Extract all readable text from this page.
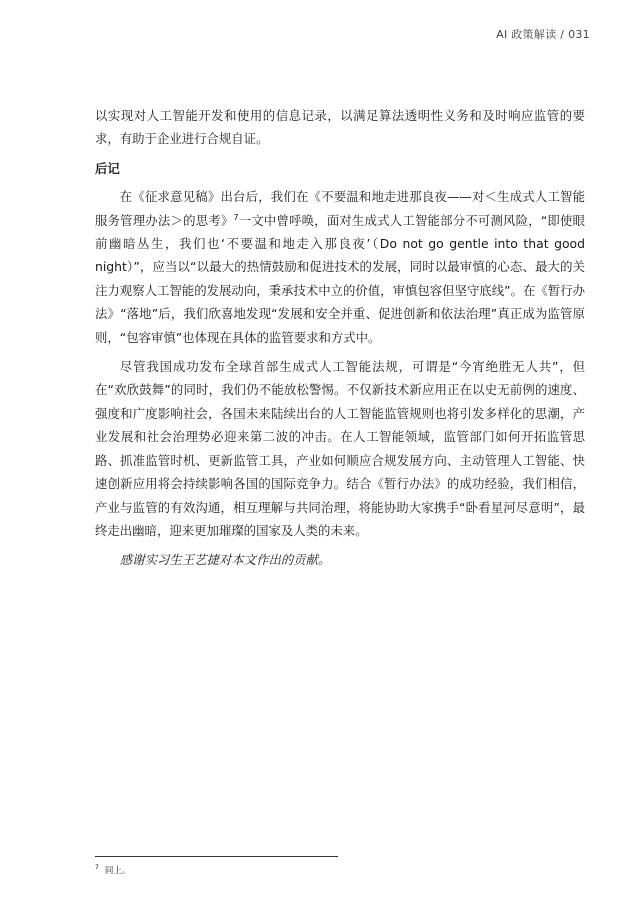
AI 政策解读 / 031

以实现对人工智能开发和使用的信息记录，以满足算法透明性义务和及时响应监管的要求，有助于企业进行合规自证。

后记

在《征求意见稿》出台后，我们在《不要温和地走进那良夜——对＜生成式人工智能服务管理办法＞的思考》$^7$一文中曾呼唤，面对生成式人工智能部分不可测风险，“即使眼前幽暗丛生，我们也‘不要温和地走入那良夜’（Do not go gentle into that good night）”，应当以“以最大的热情鼓励和促进技术的发展，同时以最审慎的心态、最大的关注力观察人工智能的发展动向，秉承技术中立的价值，审慎包容但坚守底线”。在《暂行办法》“落地”后，我们欣喜地发现“发展和安全并重、促进创新和依法治理”真正成为监管原则，“包容审慎”也体现在具体的监管要求和方式中。

尽管我国成功发布全球首部生成式人工智能法规，可谓是“今宵绝胜无人共”，但在“欢欣鼓舞”的同时，我们仍不能放松警惕。不仅新技术新应用正在以史无前例的速度、强度和广度影响社会，各国未来陆续出台的人工智能监管规则也将引发多样化的思潮，产业发展和社会治理势必迎来第二波的冲击。在人工智能领域，监管部门如何开拓监管思路、抓准监管时机、更新监管工具，产业如何顺应合规发展方向、主动管理人工智能、快速创新应用将会持续影响各国的国际竞争力。结合《暂行办法》的成功经验，我们相信，产业与监管的有效沟通，相互理解与共同治理，将能协助大家携手“卧看星河尽意明”，最终走出幽暗，迎来更加璀璨的国家及人类的未来。

感谢实习生王艺捷对本文作出的贡献。

$^7$ 同上。
